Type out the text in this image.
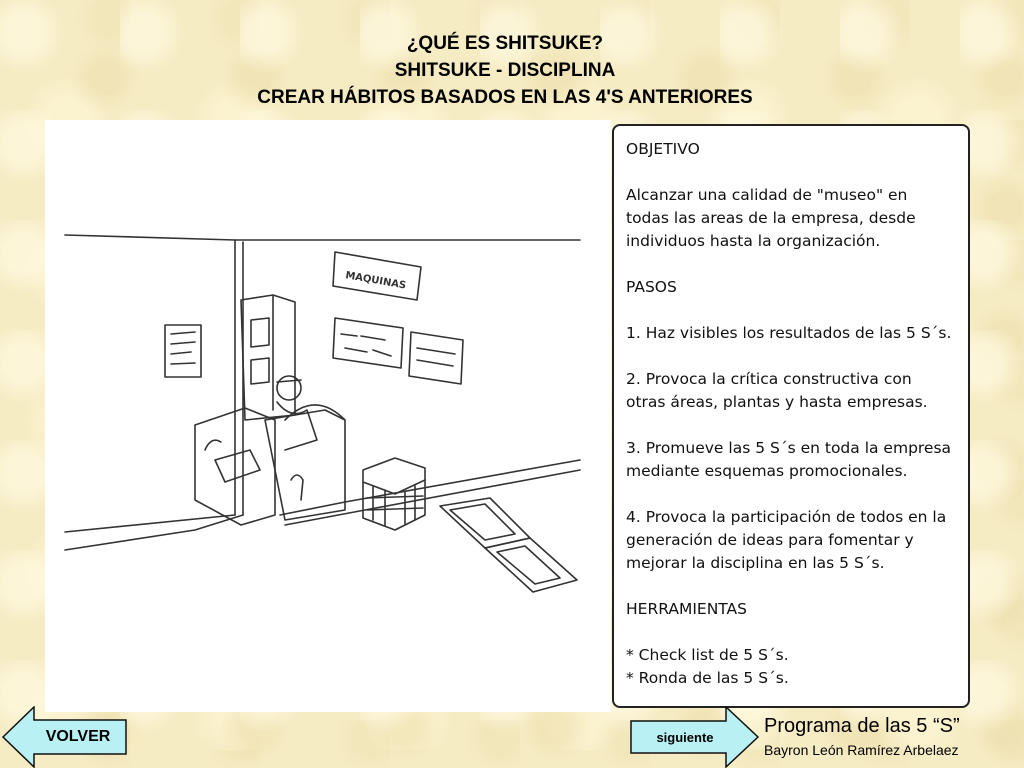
¿QUÉ ES SHITSUKE?
SHITSUKE - DISCIPLINA
CREAR HÁBITOS BASADOS EN LAS 4'S ANTERIORES
MAQUINAS
OBJETIVO
Alcanzar una calidad de "museo" en
todas las areas de la empresa, desde
individuos hasta la organización.
PASOS
1. Haz visibles los resultados de las 5 S´s.
2. Provoca la crítica constructiva con
otras áreas, plantas y hasta empresas.
3. Promueve las 5 S´s en toda la empresa
mediante esquemas promocionales.
4. Provoca la participación de todos en la
generación de ideas para fomentar y
mejorar la disciplina en las 5 S´s.
HERRAMIENTAS
* Check list de 5 S´s.
* Ronda de las 5 S´s.
VOLVER	siguiente
Programa de las 5 “S”
Bayron León Ramírez Arbelaez
